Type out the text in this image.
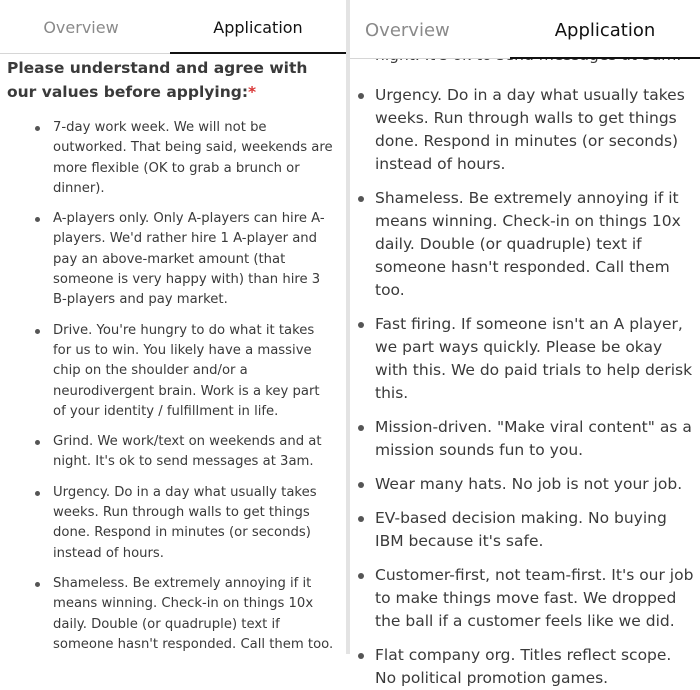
Overview	Application
Please understand and agree with our values before applying:*
7-day work week. We will not be outworked. That being said, weekends are more flexible (OK to grab a brunch or dinner).
A-players only. Only A-players can hire A-players. We'd rather hire 1 A-player and pay an above-market amount (that someone is very happy with) than hire 3 B-players and pay market.
Drive. You're hungry to do what it takes for us to win. You likely have a massive chip on the shoulder and/or a neurodivergent brain. Work is a key part of your identity / fulfillment in life.
Grind. We work/text on weekends and at night. It's ok to send messages at 3am.
Urgency. Do in a day what usually takes weeks. Run through walls to get things done. Respond in minutes (or seconds) instead of hours.
Shameless. Be extremely annoying if it means winning. Check-in on things 10x daily. Double (or quadruple) text if someone hasn't responded. Call them too.
Overview	Application
Urgency. Do in a day what usually takes weeks. Run through walls to get things done. Respond in minutes (or seconds) instead of hours.
Shameless. Be extremely annoying if it means winning. Check-in on things 10x daily. Double (or quadruple) text if someone hasn't responded. Call them too.
Fast firing. If someone isn't an A player, we part ways quickly. Please be okay with this. We do paid trials to help derisk this.
Mission-driven. "Make viral content" as a mission sounds fun to you.
Wear many hats. No job is not your job.
EV-based decision making. No buying IBM because it's safe.
Customer-first, not team-first. It's our job to make things move fast. We dropped the ball if a customer feels like we did.
Flat company org. Titles reflect scope. No political promotion games.
